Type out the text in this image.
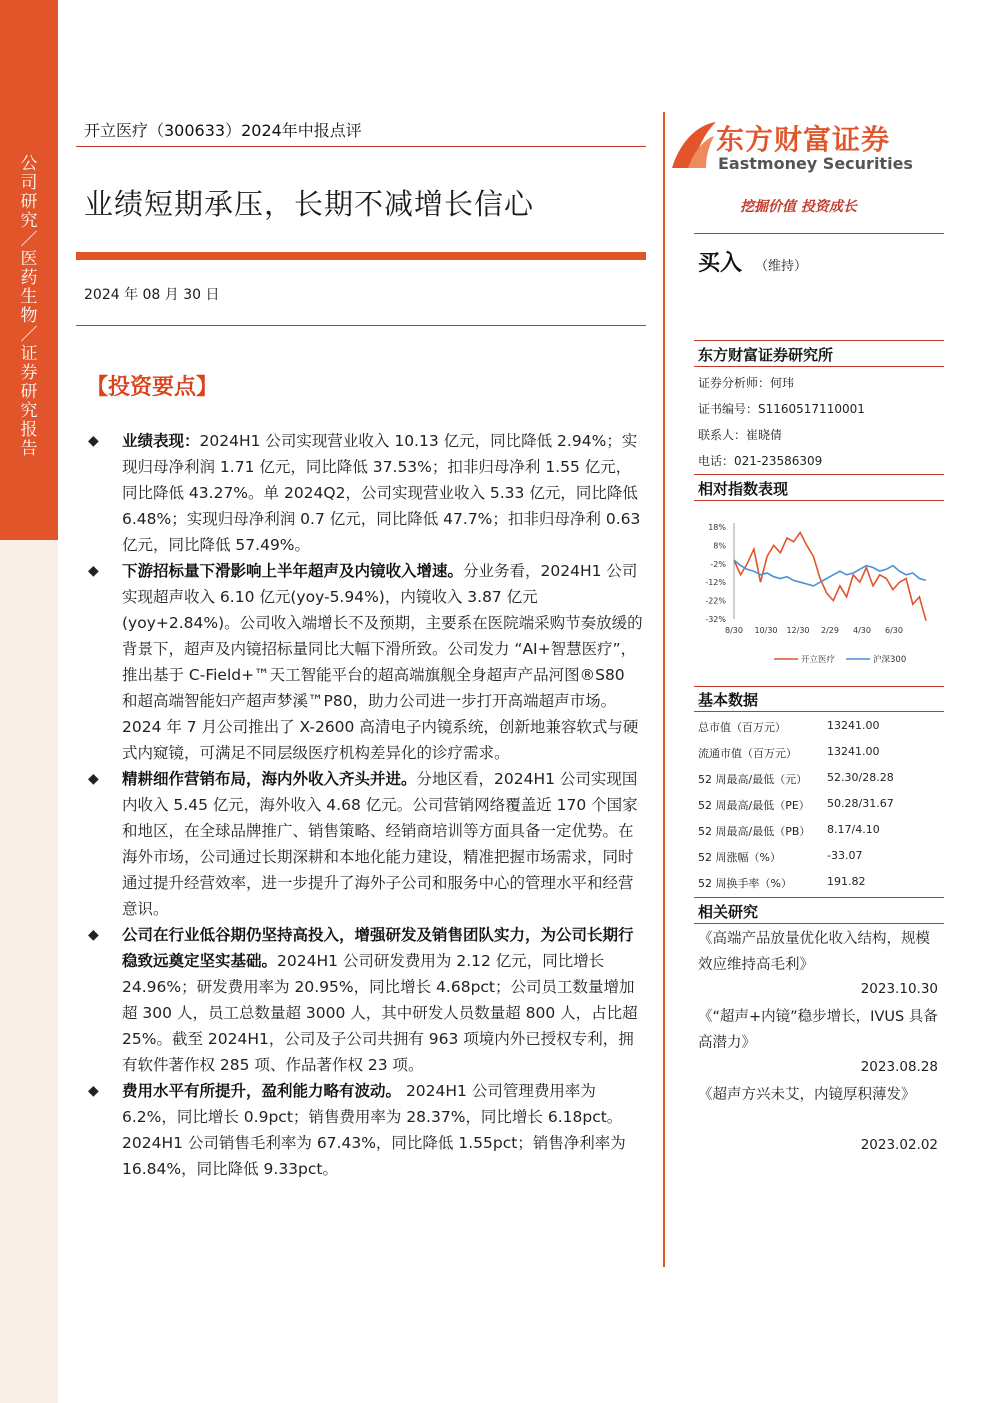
公司研究／医药生物／证券研究报告
开立医疗（300633）2024年中报点评
业绩短期承压，长期不减增长信心
2024 年 08 月 30 日
【投资要点】
◆ 业绩表现：2024H1 公司实现营业收入 10.13 亿元，同比降低 2.94%；实现归母净利润 1.71 亿元，同比降低 37.53%；扣非归母净利 1.55 亿元，同比降低 43.27%。单 2024Q2，公司实现营业收入 5.33 亿元，同比降低 6.48%；实现归母净利润 0.7 亿元，同比降低 47.7%；扣非归母净利 0.63 亿元，同比降低 57.49%。
◆ 下游招标量下滑影响上半年超声及内镜收入增速。分业务看，2024H1 公司实现超声收入 6.10 亿元(yoy-5.94%)，内镜收入 3.87 亿元(yoy+2.84%)。公司收入端增长不及预期，主要系在医院端采购节奏放缓的背景下，超声及内镜招标量同比大幅下滑所致。公司发力 “AI+智慧医疗”，推出基于 C-Field+™天工智能平台的超高端旗舰全身超声产品河图®S80 和超高端智能妇产超声梦溪™P80，助力公司进一步打开高端超声市场。2024 年 7 月公司推出了 X-2600 高清电子内镜系统，创新地兼容软式与硬式内窥镜，可满足不同层级医疗机构差异化的诊疗需求。
◆ 精耕细作营销布局，海内外收入齐头并进。分地区看，2024H1 公司实现国内收入 5.45 亿元，海外收入 4.68 亿元。公司营销网络覆盖近 170 个国家和地区，在全球品牌推广、销售策略、经销商培训等方面具备一定优势。在海外市场，公司通过长期深耕和本地化能力建设，精准把握市场需求，同时通过提升经营效率，进一步提升了海外子公司和服务中心的管理水平和经营意识。
◆ 公司在行业低谷期仍坚持高投入，增强研发及销售团队实力，为公司长期行稳致远奠定坚实基础。2024H1 公司研发费用为 2.12 亿元，同比增长 24.96%；研发费用率为 20.95%，同比增长 4.68pct；公司员工数量增加超 300 人，员工总数量超 3000 人，其中研发人员数量超 800 人，占比超 25%。截至 2024H1，公司及子公司共拥有 963 项境内外已授权专利，拥有软件著作权 285 项、作品著作权 23 项。
◆ 费用水平有所提升，盈利能力略有波动。 2024H1 公司管理费用率为 6.2%，同比增长 0.9pct；销售费用率为 28.37%，同比增长 6.18pct。2024H1 公司销售毛利率为 67.43%，同比降低 1.55pct；销售净利率为 16.84%，同比降低 9.33pct。
东方财富证券
Eastmoney Securities
挖掘价值 投资成长
买入 （维持）
东方财富证券研究所
证券分析师：何玮
证书编号：S1160517110001
联系人：崔晓倩
电话：021-23586309
相对指数表现
18%
8%
-2%
-12%
-22%
-32%
8/30 10/30 12/30 2/29 4/30 6/30
开立医疗	沪深300
基本数据
总市值（百万元）	13241.00
流通市值（百万元）	13241.00
52 周最高/最低（元） 52.30/28.28
52 周最高/最低（PE） 50.28/31.67
52 周最高/最低（PB） 8.17/4.10
52 周涨幅（%）	-33.07
52 周换手率（%）	191.82
相关研究
《高端产品放量优化收入结构，规模效应维持高毛利》
2023.10.30
《“超声+内镜”稳步增长，IVUS 具备高潜力》
2023.08.28
《超声方兴未艾，内镜厚积薄发》
2023.02.02
